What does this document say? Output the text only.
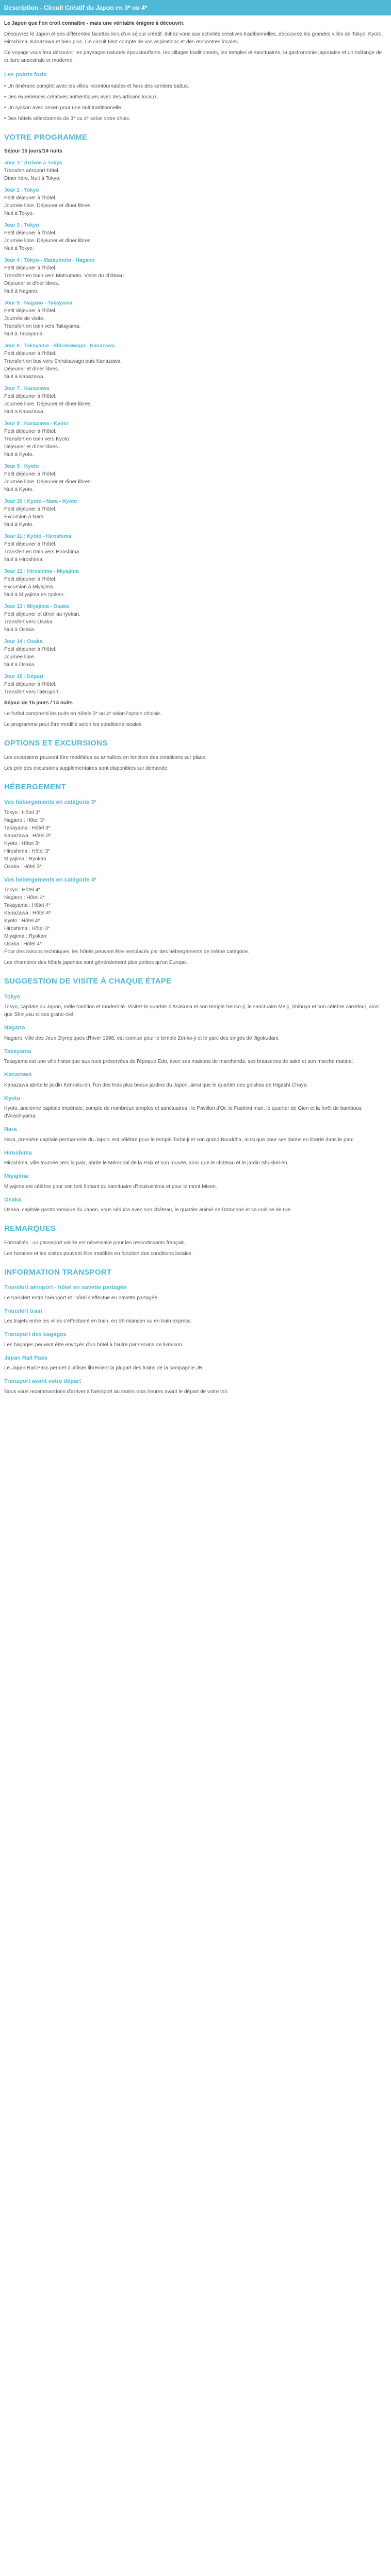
Description - Circuit Créatif du Japon en 3* ou 4*

Le Japon que l'on croit connaître - mais une véritable énigme à découvrir.

Découvrez le Japon et ses différentes facettes lors d'un séjour créatif. Initiez-vous aux activités créatives traditionnelles, découvrez les grandes villes de Tokyo, Kyoto, Hiroshima, Kanazawa et bien plus. Ce circuit tient compte de vos aspirations et des rencontres locales.

Ce voyage vous fera découvrir les paysages naturels époustouflants, les villages traditionnels, les temples et sanctuaires, la gastronomie japonaise et un mélange de culture ancestrale et moderne.

Les points forts

• Un itinéraire complet avec les villes incontournables et hors des sentiers battus.

• Des expériences créatives authentiques avec des artisans locaux.

• Un ryokan avec onsen pour une nuit traditionnelle.

• Des hôtels sélectionnés de 3* ou 4* selon votre choix.

VOTRE PROGRAMME

Séjour 15 jours/14 nuits

Jour 1 : Arrivée à Tokyo

Transfert aéroport-hôtel.

Dîner libre. Nuit à Tokyo.

Jour 2 : Tokyo

Petit déjeuner à l'hôtel.

Journée libre. Déjeuner et dîner libres.

Nuit à Tokyo.

Jour 3 : Tokyo

Petit déjeuner à l'hôtel.

Journée libre. Déjeuner et dîner libres.

Nuit à Tokyo.

Jour 4 : Tokyo - Matsumoto - Nagano

Petit déjeuner à l'hôtel.

Transfert en train vers Matsumoto. Visite du château.

Déjeuner et dîner libres.

Nuit à Nagano.

Jour 5 : Nagano - Takayama

Petit déjeuner à l'hôtel.

Journée de visite.

Transfert en train vers Takayama.

Nuit à Takayama.

Jour 6 : Takayama - Shirakawago - Kanazawa

Petit déjeuner à l'hôtel.

Transfert en bus vers Shirakawago puis Kanazawa.

Déjeuner et dîner libres.

Nuit à Kanazawa.

Jour 7 : Kanazawa

Petit déjeuner à l'hôtel.

Journée libre. Déjeuner et dîner libres.

Nuit à Kanazawa.

Jour 8 : Kanazawa - Kyoto

Petit déjeuner à l'hôtel.

Transfert en train vers Kyoto.

Déjeuner et dîner libres.

Nuit à Kyoto.

Jour 9 : Kyoto

Petit déjeuner à l'hôtel.

Journée libre. Déjeuner et dîner libres.

Nuit à Kyoto.

Jour 10 : Kyoto - Nara - Kyoto

Petit déjeuner à l'hôtel.

Excursion à Nara.

Nuit à Kyoto.

Jour 11 : Kyoto - Hiroshima

Petit déjeuner à l'hôtel.

Transfert en train vers Hiroshima.

Nuit à Hiroshima.

Jour 12 : Hiroshima - Miyajima

Petit déjeuner à l'hôtel.

Excursion à Miyajima.

Nuit à Miyajima en ryokan.

Jour 13 : Miyajima - Osaka

Petit déjeuner et dîner au ryokan.

Transfert vers Osaka.

Nuit à Osaka.

Jour 14 : Osaka

Petit déjeuner à l'hôtel.

Journée libre.

Nuit à Osaka.

Jour 15 : Départ

Petit déjeuner à l'hôtel.

Transfert vers l'aéroport.

Séjour de 15 jours / 14 nuits

Le forfait comprend les nuits en hôtels 3* ou 4* selon l'option choisie.

Le programme peut être modifié selon les conditions locales.

OPTIONS ET EXCURSIONS

Les excursions peuvent être modifiées ou annulées en fonction des conditions sur place.

Les prix des excursions supplémentaires sont disponibles sur demande.

HÉBERGEMENT
Vos hébergements en catégorie 3*

Tokyo : Hôtel 3*

Nagano : Hôtel 3*

Takayama : Hôtel 3*

Kanazawa : Hôtel 3*

Kyoto : Hôtel 3*

Hiroshima : Hôtel 3*

Miyajima : Ryokan

Osaka : Hôtel 3*

Vos hébergements en catégorie 4*

Tokyo : Hôtel 4*

Nagano : Hôtel 4*

Takayama : Hôtel 4*

Kanazawa : Hôtel 4*

Kyoto : Hôtel 4*

Hiroshima : Hôtel 4*

Miyajima : Ryokan

Osaka : Hôtel 4*

Pour des raisons techniques, les hôtels peuvent être remplacés par des hébergements de même catégorie.

Les chambres des hôtels japonais sont généralement plus petites qu'en Europe.

SUGGESTION DE VISITE À CHAQUE ÉTAPE
Tokyo

Tokyo, capitale du Japon, mêle tradition et modernité. Visitez le quartier d'Asakusa et son temple Senso-ji, le sanctuaire Meiji, Shibuya et son célèbre carrefour, ainsi que Shinjuku et ses gratte-ciel.

Nagano

Nagano, ville des Jeux Olympiques d'hiver 1998, est connue pour le temple Zenko-ji et le parc des singes de Jigokudani.

Takayama

Takayama est une ville historique aux rues préservées de l'époque Edo, avec ses maisons de marchands, ses brasseries de saké et son marché matinal.

Kanazawa

Kanazawa abrite le jardin Kenroku-en, l'un des trois plus beaux jardins du Japon, ainsi que le quartier des geishas de Higashi Chaya.

Kyoto

Kyoto, ancienne capitale impériale, compte de nombreux temples et sanctuaires : le Pavillon d'Or, le Fushimi Inari, le quartier de Gion et la forêt de bambous d'Arashiyama.

Nara

Nara, première capitale permanente du Japon, est célèbre pour le temple Todai-ji et son grand Bouddha, ainsi que pour ses daims en liberté dans le parc.

Hiroshima

Hiroshima, ville tournée vers la paix, abrite le Mémorial de la Paix et son musée, ainsi que le château et le jardin Shukkei-en.

Miyajima

Miyajima est célèbre pour son torii flottant du sanctuaire d'Itsukushima et pour le mont Misen.

Osaka

Osaka, capitale gastronomique du Japon, vous séduira avec son château, le quartier animé de Dotonbori et sa cuisine de rue.

REMARQUES

Formalités : un passeport valide est nécessaire pour les ressortissants français.

Les horaires et les visites peuvent être modifiés en fonction des conditions locales.

INFORMATION TRANSPORT
Transfert aéroport - hôtel en navette partagée

Le transfert entre l'aéroport et l'hôtel s'effectue en navette partagée.

Transfert train

Les trajets entre les villes s'effectuent en train, en Shinkansen ou en train express.

Transport des bagages

Les bagages peuvent être envoyés d'un hôtel à l'autre par service de livraison.

Japan Rail Pass

Le Japan Rail Pass permet d'utiliser librement la plupart des trains de la compagnie JR.

Transport avant votre départ

Nous vous recommandons d'arriver à l'aéroport au moins trois heures avant le départ de votre vol.
